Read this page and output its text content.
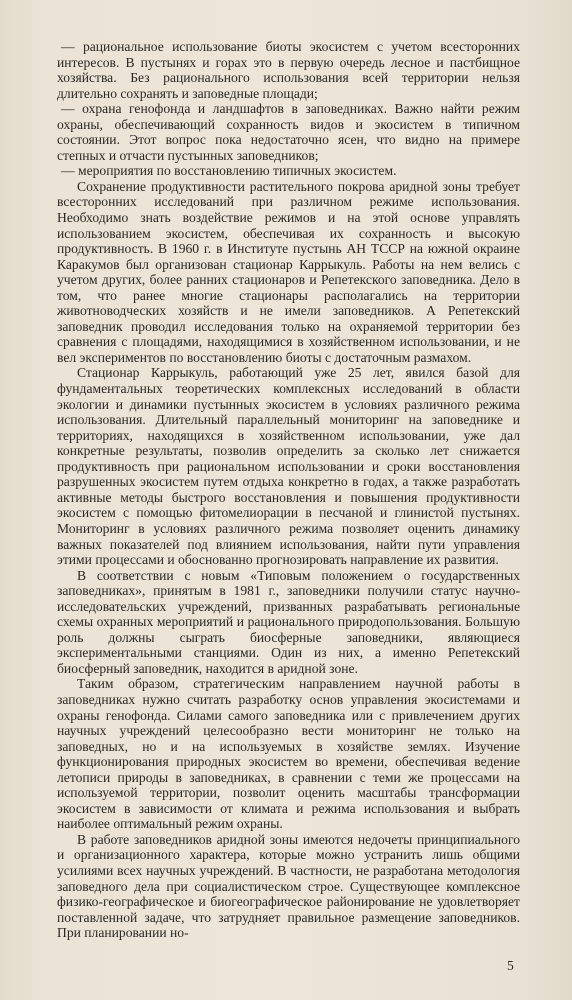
— рациональное использование биоты экосистем с учетом всесторонних интересов. В пустынях и горах это в первую очередь лесное и пастбищное хозяйства. Без рационального использования всей территории нельзя длительно сохранять и заповедные площади;

— охрана генофонда и ландшафтов в заповедниках. Важно найти режим охраны, обеспечивающий сохранность видов и экосистем в типичном состоянии. Этот вопрос пока недостаточно ясен, что видно на примере степных и отчасти пустынных заповедников;

— мероприятия по восстановлению типичных экосистем.

Сохранение продуктивности растительного покрова аридной зоны требует всесторонних исследований при различном режиме использования. Необходимо знать воздействие режимов и на этой основе управлять использованием экосистем, обеспечивая их сохранность и высокую продуктивность. В 1960 г. в Институте пустынь АН ТССР на южной окраине Каракумов был организован стационар Каррыкуль. Работы на нем велись с учетом других, более ранних стационаров и Репетекского заповедника. Дело в том, что ранее многие стационары располагались на территории животноводческих хозяйств и не имели заповедников. А Репетекский заповедник проводил исследования только на охраняемой территории без сравнения с площадями, находящимися в хозяйственном использовании, и не вел экспериментов по восстановлению биоты с достаточным размахом.

Стационар Каррыкуль, работающий уже 25 лет, явился базой для фундаментальных теоретических комплексных исследований в области экологии и динамики пустынных экосистем в условиях различного режима использования. Длительный параллельный мониторинг на заповеднике и территориях, находящихся в хозяйственном использовании, уже дал конкретные результаты, позволив определить за сколько лет снижается продуктивность при рациональном использовании и сроки восстановления разрушенных экосистем путем отдыха конкретно в годах, а также разработать активные методы быстрого восстановления и повышения продуктивности экосистем с помощью фитомелиорации в песчаной и глинистой пустынях. Мониторинг в условиях различного режима позволяет оценить динамику важных показателей под влиянием использования, найти пути управления этими процессами и обоснованно прогнозировать направление их развития.

В соответствии с новым «Типовым положением о государственных заповедниках», принятым в 1981 г., заповедники получили статус научно-исследовательских учреждений, призванных разрабатывать региональные схемы охранных мероприятий и рационального природопользования. Большую роль должны сыграть биосферные заповедники, являющиеся экспериментальными станциями. Один из них, а именно Репетекский биосферный заповедник, находится в аридной зоне.

Таким образом, стратегическим направлением научной работы в заповедниках нужно считать разработку основ управления экосистемами и охраны генофонда. Силами самого заповедника или с привлечением других научных учреждений целесообразно вести мониторинг не только на заповедных, но и на используемых в хозяйстве землях. Изучение функционирования природных экосистем во времени, обеспечивая ведение летописи природы в заповедниках, в сравнении с теми же процессами на используемой территории, позволит оценить масштабы трансформации экосистем в зависимости от климата и режима использования и выбрать наиболее оптимальный режим охраны.

В работе заповедников аридной зоны имеются недочеты принципиального и организационного характера, которые можно устранить лишь общими усилиями всех научных учреждений. В частности, не разработана методология заповедного дела при социалистическом строе. Существующее комплексное физико-географическое и биогеографическое районирование не удовлетворяет поставленной задаче, что затрудняет правильное размещение заповедников. При планировании но-

5
